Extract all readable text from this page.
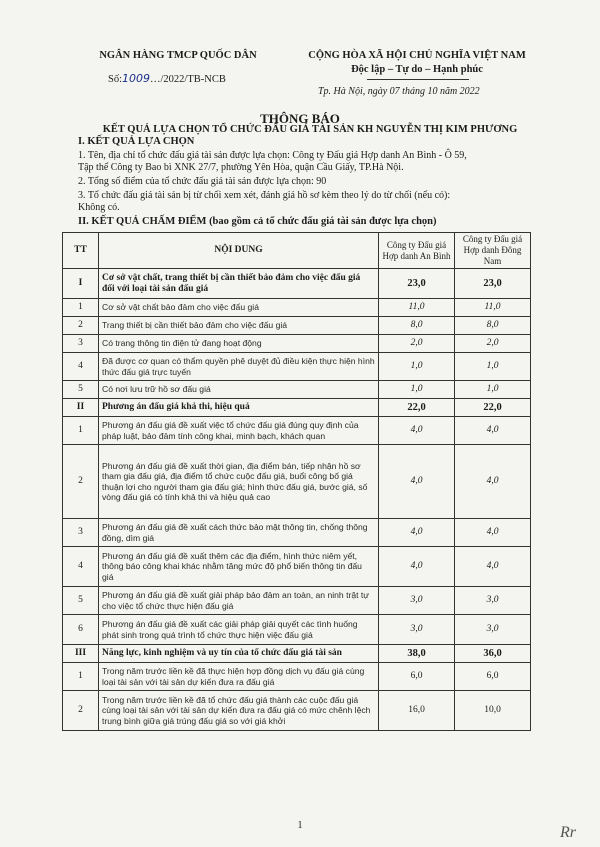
NGÂN HÀNG TMCP QUỐC DÂN	CỘNG HÒA XÃ HỘI CHỦ NGHĨA VIỆT NAM
Độc lập – Tự do – Hạnh phúc
Số:1009…/2022/TB-NCB
Tp. Hà Nội, ngày 07 tháng 10 năm 2022
THÔNG BÁO
KẾT QUẢ LỰA CHỌN TỔ CHỨC ĐẤU GIÁ TÀI SẢN KH NGUYỄN THỊ KIM PHƯƠNG
I. KẾT QUẢ LỰA CHỌN
1. Tên, địa chỉ tổ chức đấu giá tài sản được lựa chọn: Công ty Đấu giá Hợp danh An Bình - Ô 59,
Tập thể Công ty Bao bì XNK 27/7, phường Yên Hòa, quận Cầu Giấy, TP.Hà Nội.
2. Tổng số điểm của tổ chức đấu giá tài sản được lựa chọn: 90
3. Tổ chức đấu giá tài sản bị từ chối xem xét, đánh giá hồ sơ kèm theo lý do từ chối (nếu có):
Không có.
II. KẾT QUẢ CHẤM ĐIỂM (bao gồm cả tổ chức đấu giá tài sản được lựa chọn)
TT	NỘI DUNG	Công ty Đấu giá Hợp danh An Bình	Công ty Đấu giá Hợp danh Đông Nam
I	Cơ sở vật chất, trang thiết bị cần thiết bảo đảm cho việc đấu giá đối với loại tài sản đấu giá	23,0	23,0
1	Cơ sở vật chất bảo đảm cho việc đấu giá	11,0	11,0
2	Trang thiết bị cần thiết bảo đảm cho việc đấu giá	8,0	8,0
3	Có trang thông tin điện tử đang hoạt động	2,0	2,0
4	Đã được cơ quan có thẩm quyền phê duyệt đủ điều kiện thực hiện hình thức đấu giá trực tuyến	1,0	1,0
5	Có nơi lưu trữ hồ sơ đấu giá	1,0	1,0
II	Phương án đấu giá khả thi, hiệu quả	22,0	22,0
1	Phương án đấu giá đề xuất việc tổ chức đấu giá đúng quy định của pháp luật, bảo đảm tính công khai, minh bạch, khách quan	4,0	4,0
2	Phương án đấu giá đề xuất thời gian, địa điểm bán, tiếp nhận hồ sơ tham gia đấu giá, địa điểm tổ chức cuộc đấu giá, buổi công bố giá thuận lợi cho người tham gia đấu giá; hình thức đấu giá, bước giá, số vòng đấu giá có tính khả thi và hiệu quả cao	4,0	4,0
3	Phương án đấu giá đề xuất cách thức bảo mật thông tin, chống thông đồng, dìm giá	4,0	4,0
4	Phương án đấu giá đề xuất thêm các địa điểm, hình thức niêm yết, thông báo công khai khác nhằm tăng mức độ phổ biến thông tin đấu giá	4,0	4,0
5	Phương án đấu giá đề xuất giải pháp bảo đảm an toàn, an ninh trật tự cho việc tổ chức thực hiện đấu giá	3,0	3,0
6	Phương án đấu giá đề xuất các giải pháp giải quyết các tình huống phát sinh trong quá trình tổ chức thực hiện việc đấu giá	3,0	3,0
III	Năng lực, kinh nghiệm và uy tín của tổ chức đấu giá tài sản	38,0	36,0
1	Trong năm trước liền kề đã thực hiện hợp đồng dịch vụ đấu giá cùng loại tài sản với tài sản dự kiến đưa ra đấu giá	6,0	6,0
2	Trong năm trước liền kề đã tổ chức đấu giá thành các cuộc đấu giá cùng loại tài sản với tài sản dự kiến đưa ra đấu giá có mức chênh lệch trung bình giữa giá trúng đấu giá so với giá khởi	16,0	10,0
1	Rr
